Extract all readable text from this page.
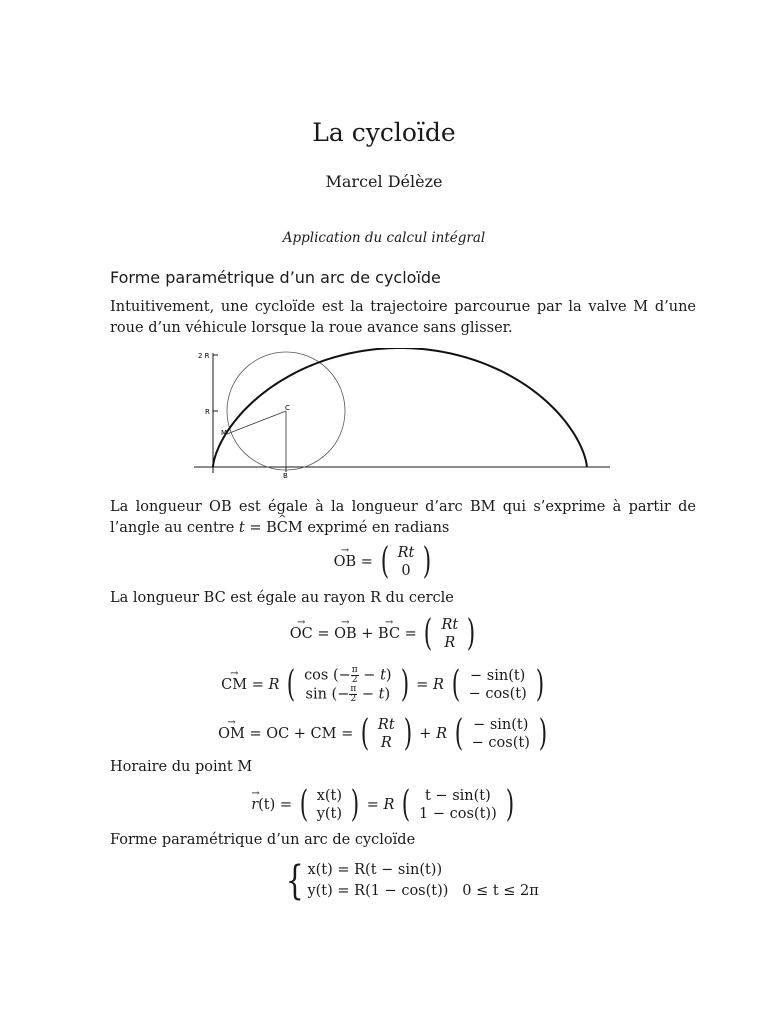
La cycloïde
Marcel Délèze
Application du calcul intégral
Forme paramétrique d’un arc de cycloïde
Intuitivement, une cycloïde est la trajectoire parcourue par la valve M d’une roue d’un véhicule lorsque la roue avance sans glisser.
2 R
R	C
M
B
La longueur OB est égale à la longueur d’arc BM qui s’exprime à partir de l’angle au centre t = B^ CM exprimé en radians
→ OB = ( Rt
0 )
La longueur BC est égale au rayon R du cercle
→ OC = → OB + → BC = ( Rt
R )
→ CM = R ( cos (− $\frac{\pi}{2} - t$)
sin (− $\frac{\pi}{2} - t$) ) = R ( − sin(t)
− cos(t) )
→ OM = OC + CM = ( Rt
R ) + R ( − sin(t)
− cos(t) )
Horaire du point M
→ r(t) = ( x(t)
y(t) ) = R ( t − sin(t)
1 − cos(t)) )
Forme paramétrique d’un arc de cycloïde
{ x(t) = R(t − sin(t))
y(t) = R(1 − cos(t)) 0 ≤ t ≤ 2π
